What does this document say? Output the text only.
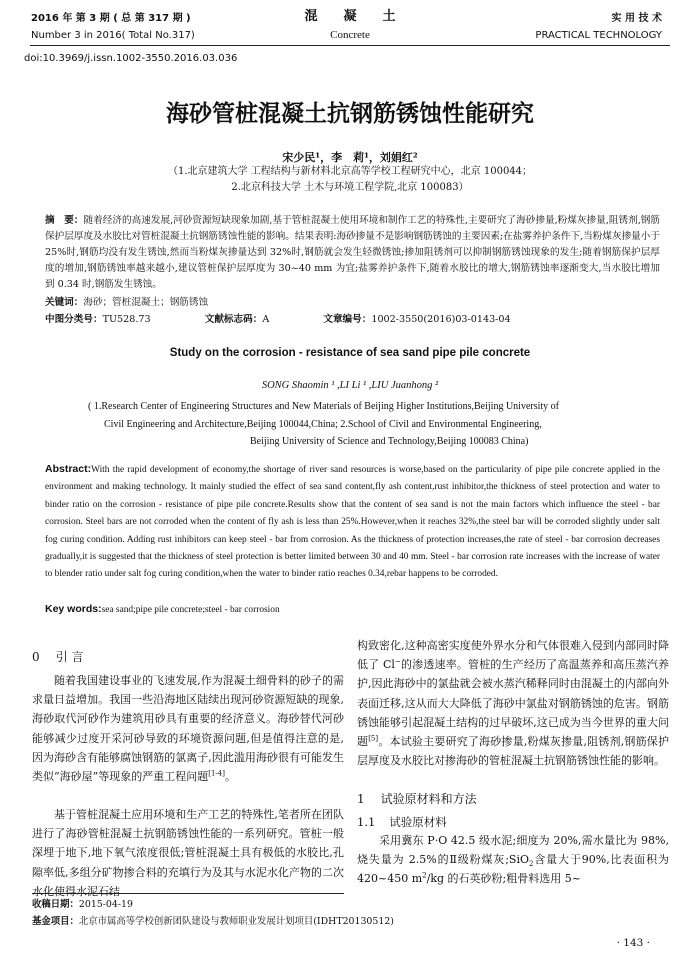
2016 年 第 3 期 ( 总 第 317 期 )
Number 3 in 2016( Total No.317)
混　　凝　　土
Concrete
实 用 技 术
PRACTICAL TECHNOLOGY
doi:10.3969/j.issn.1002-3550.2016.03.036
海砂管桩混凝土抗钢筋锈蚀性能研究
宋少民¹，李　莉¹，刘娟红²
（1.北京建筑大学 工程结构与新材料北京高等学校工程研究中心，北京 100044；
2.北京科技大学 土木与环境工程学院,北京 100083）
摘　要：随着经济的高速发展,河砂资源短缺现象加剧,基于管桩混凝土使用环境和制作工艺的特殊性,主要研究了海砂掺量,粉煤灰掺量,阻锈剂,钢筋保护层厚度及水胶比对管桩混凝土抗钢筋锈蚀性能的影响。结果表明:海砂掺量不是影响钢筋锈蚀的主要因素;在盐雾养护条件下,当粉煤灰掺量小于 25%时,钢筋均没有发生锈蚀,然而当粉煤灰掺量达到 32%时,钢筋就会发生轻微锈蚀;掺加阻锈剂可以抑制钢筋锈蚀现象的发生;随着钢筋保护层厚度的增加,钢筋锈蚀率越来越小,建议管桩保护层厚度为 30~40 mm 为宜;盐雾养护条件下,随着水胶比的增大,钢筋锈蚀率逐渐变大,当水胶比增加到 0.34 时,钢筋发生锈蚀。
关键词：海砂；管桩混凝土；钢筋锈蚀
中图分类号：TU528.73	文献标志码：A	文章编号：1002-3550(2016)03-0143-04
Study on the corrosion - resistance of sea sand pipe pile concrete
SONG Shaomin ¹ ,LI Li ¹ ,LIU Juanhong ²
( 1.Research Center of Engineering Structures and New Materials of Beijing Higher Institutions,Beijing University of
Civil Engineering and Architecture,Beijing 100044,China; 2.School of Civil and Environmental Engineering,
Beijing University of Science and Technology,Beijing 100083 China)
Abstract:With the rapid development of economy,the shortage of river sand resources is worse,based on the particularity of pipe pile concrete applied in the environment and making technology. It mainly studied the effect of sea sand content,fly ash content,rust inhibitor,the thickness of steel protection and water to binder ratio on the corrosion - resistance of pipe pile concrete.Results show that the content of sea sand is not the main factors which influence the steel - bar corrosion. Steel bars are not corroded when the content of fly ash is less than 25%.However,when it reaches 32%,the steel bar will be corroded slightly under salt fog curing condition. Adding rust inhibitors can keep steel - bar from corrosion. As the thickness of protection increases,the rate of steel - bar corrosion decreases gradually,it is suggested that the thickness of steel protection is better limited between 30 and 40 mm. Steel - bar corrosion rate increases with the increase of water to blender ratio under salt fog curing condition,when the water to binder ratio reaches 0.34,rebar happens to be corroded.
Key words:sea sand;pipe pile concrete;steel - bar corrosion
0 引言
随着我国建设事业的飞速发展,作为混凝土细骨料的砂子的需求量日益增加。我国一些沿海地区陆续出现河砂资源短缺的现象,海砂取代河砂作为建筑用砂具有重要的经济意义。海砂替代河砂能够减少过度开采河砂导致的环境资源问题,但是值得注意的是,因为海砂含有能够腐蚀钢筋的氯离子,因此滥用海砂很有可能发生类似“海砂屋”等现象的严重工程问题[1-4]。
基于管桩混凝土应用环境和生产工艺的特殊性,笔者所在团队进行了海砂管桩混凝土抗钢筋锈蚀性能的一系列研究。管桩一般深埋于地下,地下氧气浓度很低;管桩混凝土具有极低的水胶比,孔隙率低,多组分矿物掺合料的充填行为及其与水泥水化产物的二次水化使得水泥石结
构致密化,这种高密实度使外界水分和气体很难入侵到内部同时降低了 Cl−的渗透速率。管桩的生产经历了高温蒸养和高压蒸汽养护,因此海砂中的氯盐就会被水蒸汽稀释同时由混凝土的内部向外表面迁移,这从而大大降低了海砂中氯盐对钢筋锈蚀的危害。钢筋锈蚀能够引起混凝土结构的过早破坏,这已成为当今世界的重大问题[5]。本试验主要研究了海砂掺量,粉煤灰掺量,阻锈剂,钢筋保护层厚度及水胶比对掺海砂的管桩混凝土抗钢筋锈蚀性能的影响。
1 试验原材料和方法
1.1 试验原材料
采用冀东 P·O 42.5 级水泥;细度为 20%,需水量比为 98%,烧失量为 2.5%的Ⅱ级粉煤灰;SiO$_2$含量大于90%,比表面积为 420~450 $m^2/kg$ 的石英砂粉;粗骨料选用 5~
收稿日期：2015-04-19
基金项目：北京市属高等学校创新团队建设与教师职业发展计划项目(IDHT20130512)
· 143 ·
